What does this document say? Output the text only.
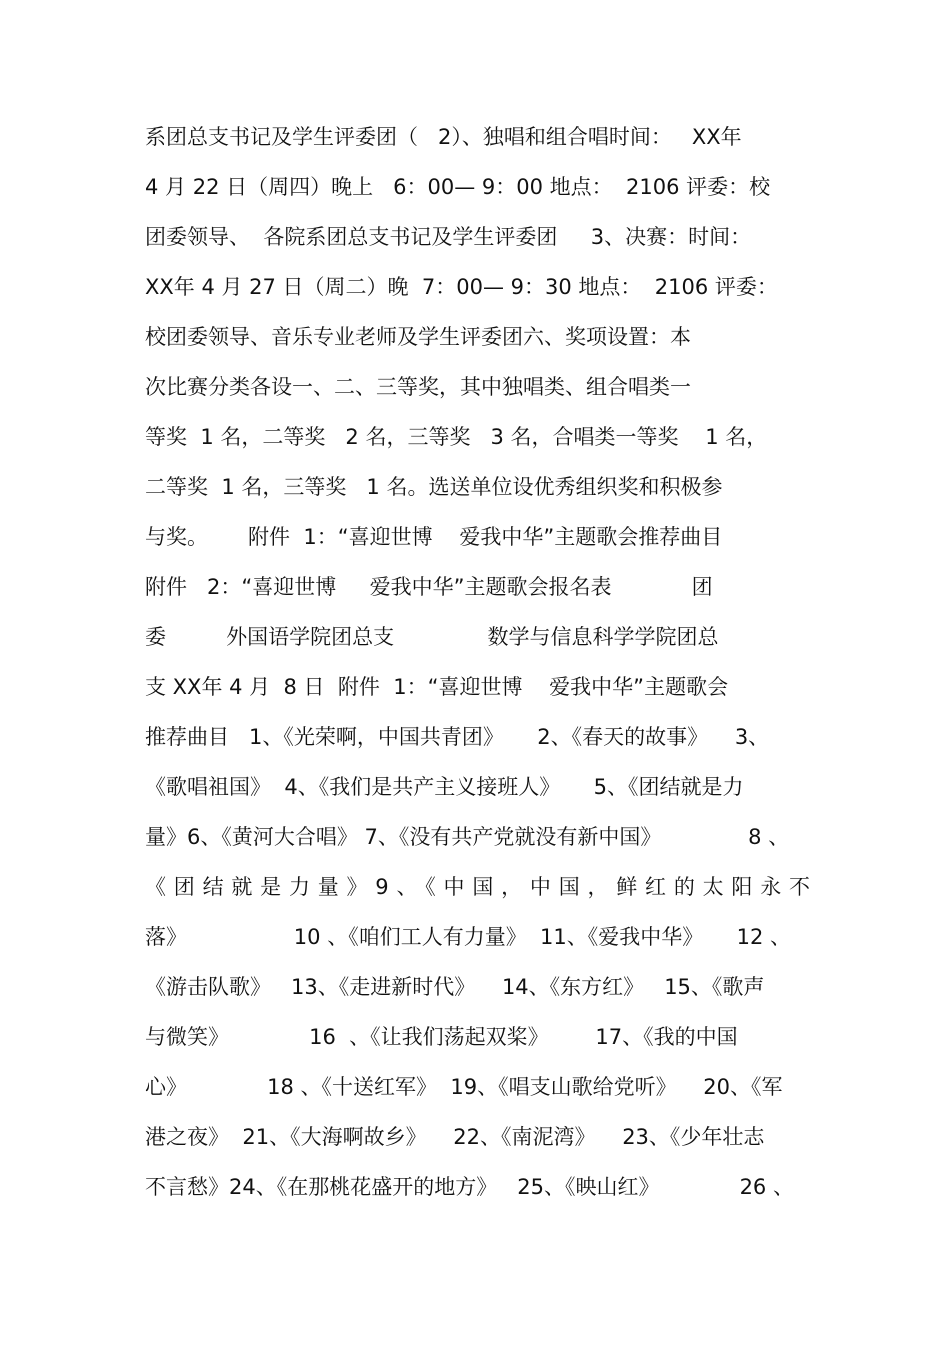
系团总支书记及学生评委团（   2）、独唱和组合唱时间：   XX年
4 月 22 日（周四）晚上   6：00— 9：00 地点：  2106 评委：校
团委领导、  各院系团总支书记及学生评委团     3、决赛：时间：
XX年 4 月 27 日（周二）晚  7：00— 9：30 地点：  2106 评委：
校团委领导、音乐专业老师及学生评委团六、奖项设置：本
次比赛分类各设一、二、三等奖，其中独唱类、组合唱类一
等奖  1 名，二等奖   2 名，三等奖   3 名，合唱类一等奖    1 名，
二等奖  1 名，三等奖   1 名。选送单位设优秀组织奖和积极参
与奖。      附件  1：“喜迎世博    爱我中华”主题歌会推荐曲目
附件   2：“喜迎世博     爱我中华”主题歌会报名表            团
委         外国语学院团总支              数学与信息科学学院团总
支 XX年 4 月  8 日  附件  1：“喜迎世博    爱我中华”主题歌会
推荐曲目   1、《光荣啊，中国共青团》     2、《春天的故事》    3、
《歌唱祖国》  4、《我们是共产主义接班人》     5、《团结就是力
量》6、《黄河大合唱》 7、《没有共产党就没有新中国》             8 、
《团结就是力量》9、《中国，中国，鲜红的太阳永不
落》                10 、《咱们工人有力量》  11、《爱我中华》     12 、
《游击队歌》   13、《走进新时代》    14、《东方红》   15、《歌声
与微笑》            16  、《让我们荡起双桨》       17、《我的中国
心》            18 、《十送红军》  19、《唱支山歌给党听》    20、《军
港之夜》  21、《大海啊故乡》    22、《南泥湾》    23、《少年壮志
不言愁》24、《在那桃花盛开的地方》   25、《映山红》            26 、
